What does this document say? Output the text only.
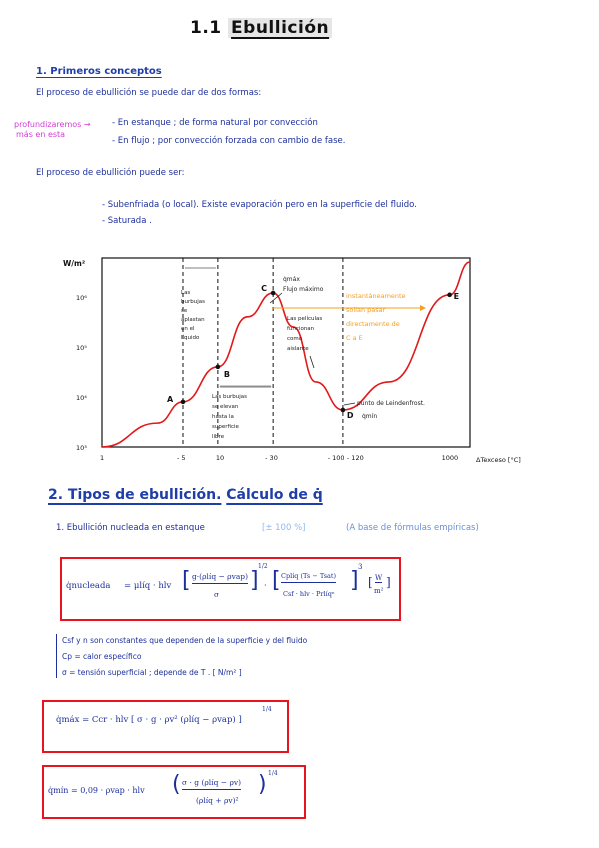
1.1 Ebullición
1. Primeros conceptos
El proceso de ebullición se puede dar de dos formas:
profundizaremos →
más en esta
- En estanque ; de forma natural por convección
- En flujo ; por convección forzada con cambio de fase.
El proceso de ebullición puede ser:
- Subenfriada (o local). Existe evaporación pero en la superficie del fluido.
- Saturada .
W/m²
ΔTexceso [°C]
10³
10⁴
10⁵
10⁶
1	- 5	10	- 30	- 100 - 120	1000
A
B
C
D
E
Las
burbujas
se
aplastan
en el
líquido
Las burbujas
se elevan
hasta la
superficie
libre
Las películas
funcionan
como
aislante
q̇máx
Flujo máximo
instantáneamente
solían pasar
directamente de
C a E
punto de Leindenfrost.
q̇mín
2. Tipos de ebullición. Cálculo de q̇
1. Ebullición nucleada en estanque	[± 100 %]	(A base de fórmulas empíricas)
q̇nucleada = μlíq · hlv [ g·(ρlíq − ρvap)
σ
]
1/2
· [ Cplíq (Ts − Tsat)
Csf · hlv · Prlíqⁿ
]
3
[ W
m²
]
Csf y n son constantes que dependen de la superficie y del fluido
Cp = calor específico
σ = tensión superficial ; depende de T . [ N/m² ]
q̇máx = Ccr · hlv [ σ · g · ρv² (ρlíq − ρvap) ]
1/4
q̇mín = 0,09 · ρvap · hlv ( σ · g (ρlíq − ρv)
(ρlíq + ρv)²
) 1/4
